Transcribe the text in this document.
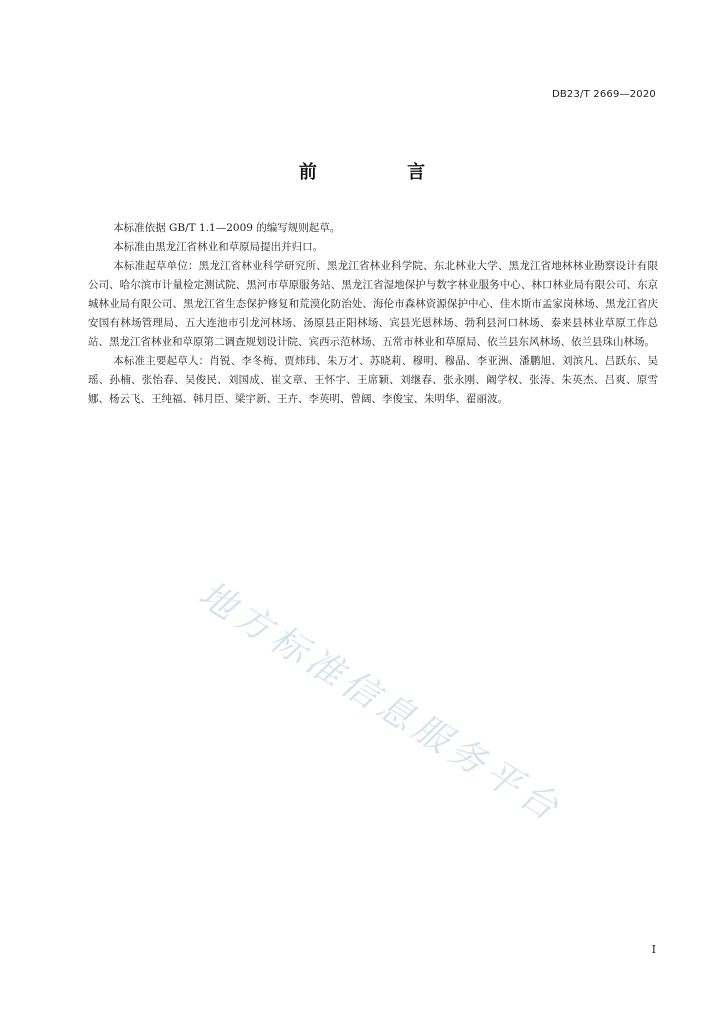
DB23/T 2669—2020
前 言

本标准依据 GB/T 1.1—2009 的编写规则起草。

本标准由黑龙江省林业和草原局提出并归口。

本标准起草单位：黑龙江省林业科学研究所、黑龙江省林业科学院、东北林业大学、黑龙江省地林林业勘察设计有限公司、哈尔滨市计量检定测试院、黑河市草原服务站、黑龙江省湿地保护与数字林业服务中心、林口林业局有限公司、东京城林业局有限公司、黑龙江省生态保护修复和荒漠化防治处、海伦市森林资源保护中心、佳木斯市孟家岗林场、黑龙江省庆安国有林场管理局、五大连池市引龙河林场、汤原县正阳林场、宾县光恩林场、勃利县河口林场、泰来县林业草原工作总站、黑龙江省林业和草原第二调查规划设计院、宾西示范林场、五常市林业和草原局、依兰县东风林场、依兰县珠山林场。

本标准主要起草人：肖锐、李冬梅、贾炜玮、朱万才、苏晓莉、穆明、穆晶、李亚洲、潘鹏旭、刘滨凡、吕跃东、吴瑶、孙楠、张怡春、吴俊民、刘国成、崔文章、王怀宇、王席颖、刘继春、张永刚、阚学权、张涛、朱英杰、吕爽、原雪娜、杨云飞、王纯福、韩月臣、梁宇新、王卉、李英明、曾阔、李俊宝、朱明华、翟丽波。

地方标准信息服务平台
I
